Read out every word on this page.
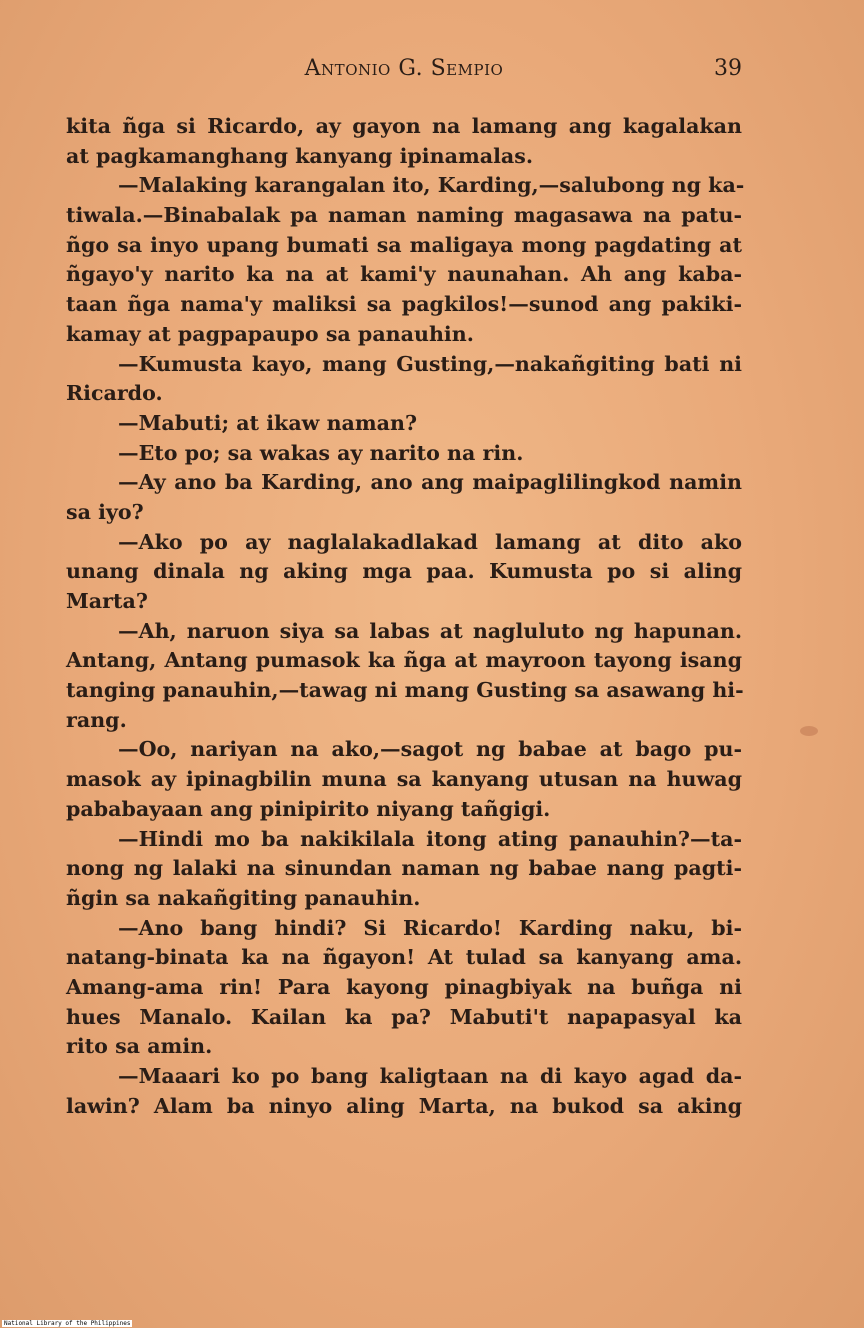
Antonio G. Sempio	39
kita ñga si Ricardo, ay gayon na lamang ang kagalakan
at pagkamanghang kanyang ipinamalas.
—Malaking karangalan ito, Karding,—salubong ng ka-
tiwala.—Binabalak pa naman naming magasawa na patu-
ñgo sa inyo upang bumati sa maligaya mong pagdating at
ñgayo'y narito ka na at kami'y naunahan. Ah ang kaba-
taan ñga nama'y maliksi sa pagkilos!—sunod ang pakiki-
kamay at pagpapaupo sa panauhin.
—Kumusta kayo, mang Gusting,—nakañgiting bati ni
Ricardo.
—Mabuti; at ikaw naman?
—Eto po; sa wakas ay narito na rin.
—Ay ano ba Karding, ano ang maipaglilingkod namin
sa iyo?
—Ako po ay naglalakadlakad lamang at dito ako
unang dinala ng aking mga paa. Kumusta po si aling
Marta?
—Ah, naruon siya sa labas at nagluluto ng hapunan.
Antang, Antang pumasok ka ñga at mayroon tayong isang
tanging panauhin,—tawag ni mang Gusting sa asawang hi-
rang.
—Oo, nariyan na ako,—sagot ng babae at bago pu-
masok ay ipinagbilin muna sa kanyang utusan na huwag
pababayaan ang pinipirito niyang tañgigi.
—Hindi mo ba nakikilala itong ating panauhin?—ta-
nong ng lalaki na sinundan naman ng babae nang pagti-
ñgin sa nakañgiting panauhin.
—Ano bang hindi? Si Ricardo! Karding naku, bi-
natang-binata ka na ñgayon! At tulad sa kanyang ama.
Amang-ama rin! Para kayong pinagbiyak na buñga ni
hues Manalo. Kailan ka pa? Mabuti't napapasyal ka
rito sa amin.
—Maaari ko po bang kaligtaan na di kayo agad da-
lawin? Alam ba ninyo aling Marta, na bukod sa aking
National Library of the Philippines
